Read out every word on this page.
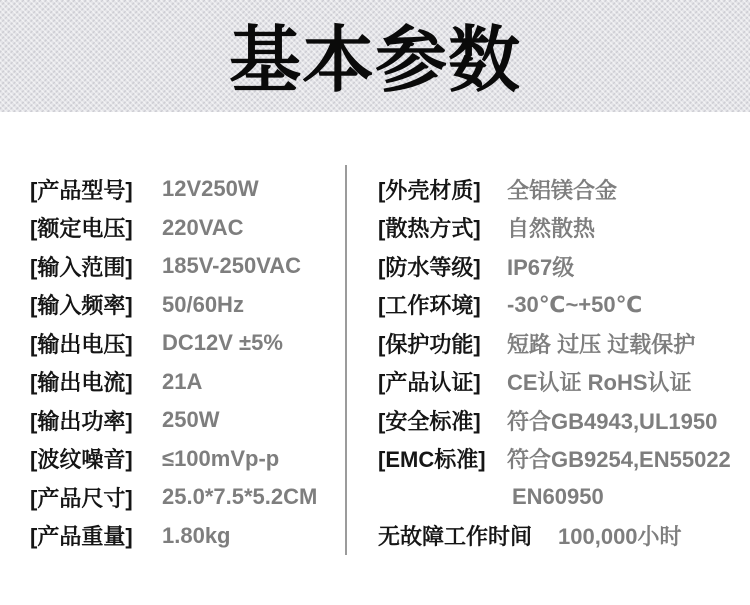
基本参数
[产品型号]	12V250W
[额定电压]	220VAC
[输入范围]	185V-250VAC
[输入频率]	50/60Hz
[输出电压]	DC12V ±5%
[输出电流]	21A
[输出功率]	250W
[波纹噪音]	≤100mVp-p
[产品尺寸]	25.0*7.5*5.2CM
[产品重量]	1.80kg
[外壳材质]	全铝镁合金
[散热方式]	自然散热
[防水等级]	IP67级
[工作环境]	-30℃~+50℃
[保护功能]	短路 过压 过载保护
[产品认证]	CE认证 RoHS认证
[安全标准]	符合GB4943,UL1950
[EMC标准] 符合GB9254,EN55022
EN60950
无故障工作时间 100,000小时
